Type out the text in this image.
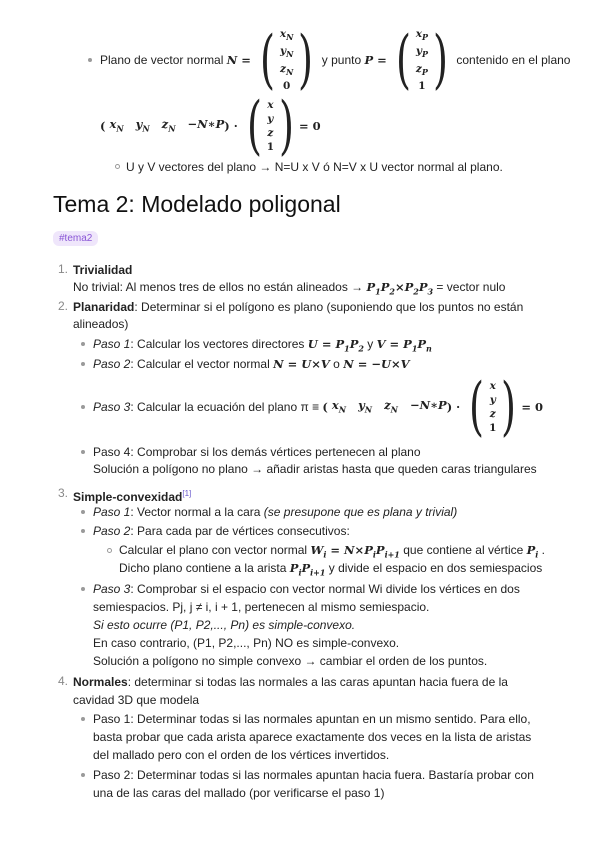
Plano de vector normal
N = ( $x_N$
$y_N$
$z_N$
0 )
y punto
P = ( $x_P$
$y_P$
$z_P$
1 )
contenido en el plano
( $x_N$   $y_N$   $z_N$   −N∗P ) · ( x
y
z
1 ) = 0
U y V vectores del plano → N=U x V ó N=V x U vector normal al plano.
Tema 2: Modelado poligonal
#tema2
1. Trivialidad
No trivial: Al menos tres de ellos no están alineados → $P_1P_2\times P_2P_3$ = vector nulo
2. Planaridad: Determinar si el polígono es plano (suponiendo que los puntos no están
alineados)
Paso 1: Calcular los vectores directores $U = P_1P_2$ y $V = P_1P_n$
Paso 2: Calcular el vector normal N = U×V o N = −U×V
Paso 3 : Calcular la ecuación del plano π ≡
( $x_N$   $y_N$   $z_N$   −N∗P ) · ( x
y
z
1 ) = 0
Paso 4: Comprobar si los demás vértices pertenecen al plano
Solución a polígono no plano → añadir aristas hasta que queden caras triangulares
3. Simple-convexidad[1]
Paso 1: Vector normal a la cara (se presupone que es plana y trivial)
Paso 2: Para cada par de vértices consecutivos:
Calcular el plano con vector normal $W_i = N\times P_iP_{i+1}$ que contiene al vértice $P_i$ .
Dicho plano contiene a la arista $P_iP_{i+1}$ y divide el espacio en dos semiespacios
Paso 3: Comprobar si el espacio con vector normal Wi divide los vértices en dos
semiespacios. Pj, j ≠ i, i + 1, pertenecen al mismo semiespacio.
Si esto ocurre (P1, P2,..., Pn) es simple-convexo.
En caso contrario, (P1, P2,..., Pn) NO es simple-convexo.
Solución a polígono no simple convexo → cambiar el orden de los puntos.
4. Normales: determinar si todas las normales a las caras apuntan hacia fuera de la
cavidad 3D que modela
Paso 1: Determinar todas si las normales apuntan en un mismo sentido. Para ello,
basta probar que cada arista aparece exactamente dos veces en la lista de aristas
del mallado pero con el orden de los vértices invertidos.
Paso 2: Determinar todas si las normales apuntan hacia fuera. Bastaría probar con
una de las caras del mallado (por verificarse el paso 1)
